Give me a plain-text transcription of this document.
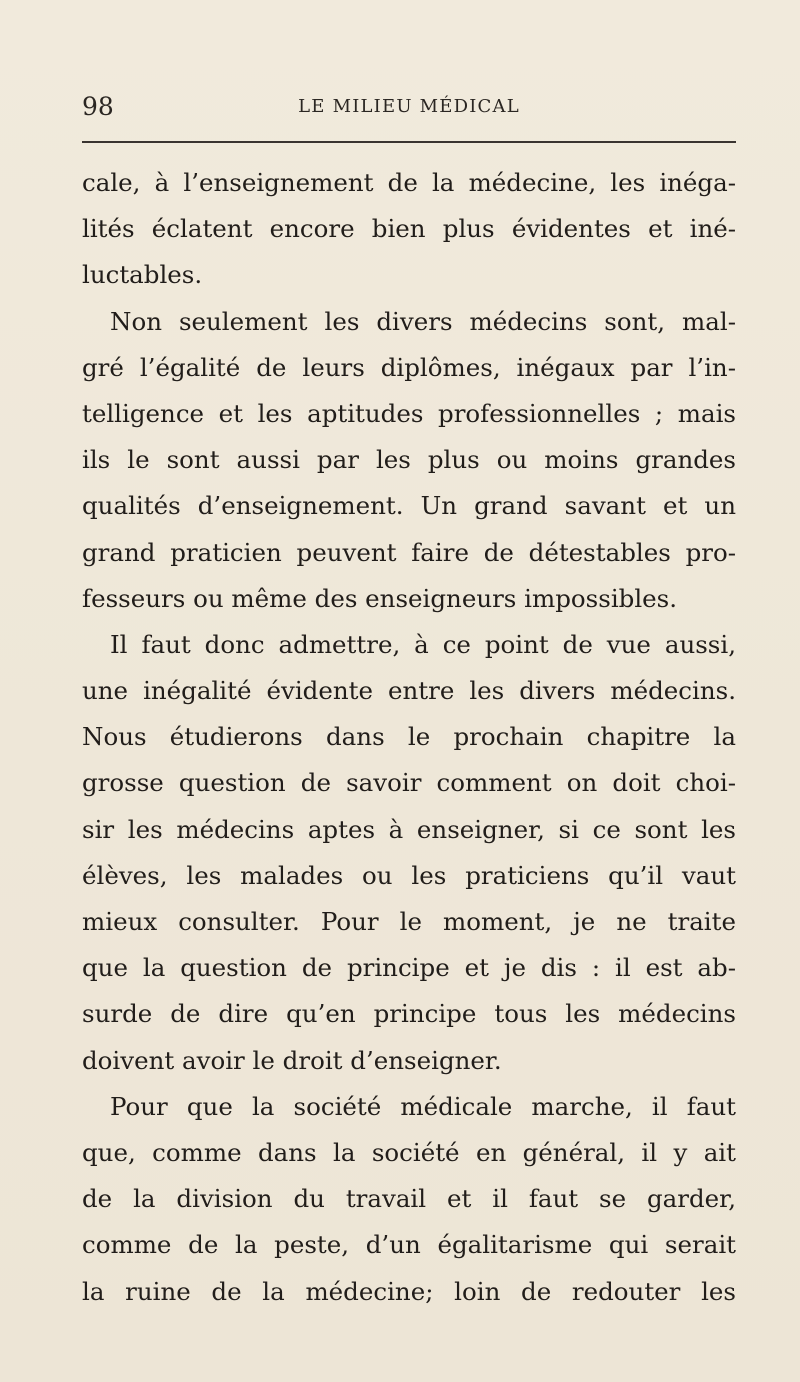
98	LE MILIEU MÉDICAL
cale, à l’enseignement de la médecine, les inéga-
lités éclatent encore bien plus évidentes et iné-
luctables.
Non seulement les divers médecins sont, mal-
gré l’égalité de leurs diplômes, inégaux par l’in-
telligence et les aptitudes professionnelles ; mais
ils le sont aussi par les plus ou moins grandes
qualités d’enseignement. Un grand savant et un
grand praticien peuvent faire de détestables pro-
fesseurs ou même des enseigneurs impossibles.
Il faut donc admettre, à ce point de vue aussi,
une inégalité évidente entre les divers médecins.
Nous étudierons dans le prochain chapitre la
grosse question de savoir comment on doit choi-
sir les médecins aptes à enseigner, si ce sont les
élèves, les malades ou les praticiens qu’il vaut
mieux consulter. Pour le moment, je ne traite
que la question de principe et je dis : il est ab-
surde de dire qu’en principe tous les médecins
doivent avoir le droit d’enseigner.
Pour que la société médicale marche, il faut
que, comme dans la société en général, il y ait
de la division du travail et il faut se garder,
comme de la peste, d’un égalitarisme qui serait
la ruine de la médecine; loin de redouter les
